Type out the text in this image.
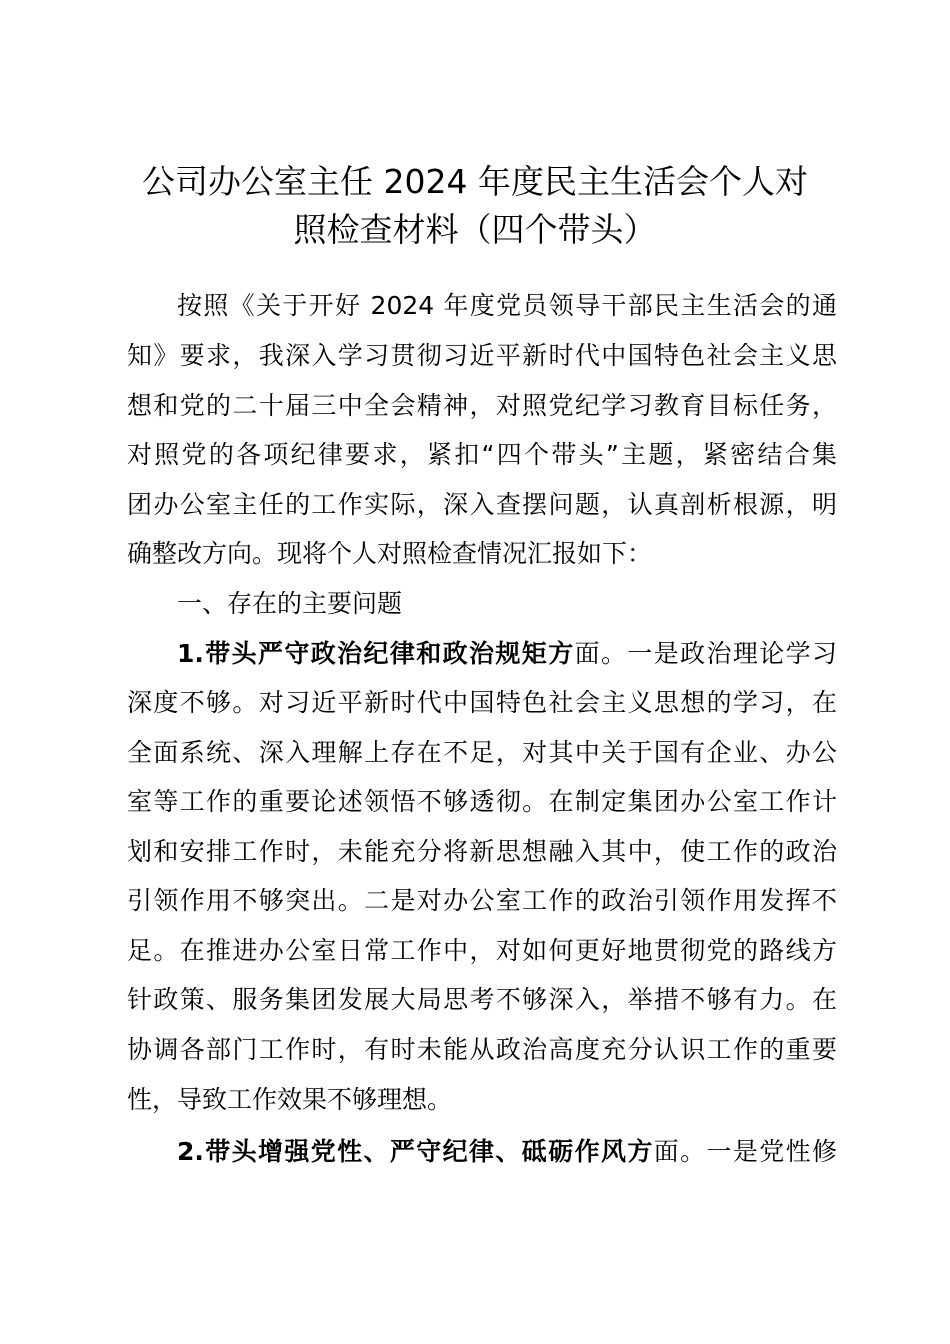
公司办公室主任 2024 年度民主生活会个人对
照检查材料（四个带头）

按照《关于开好 2024 年度党员领导干部民主生活会的通

知》要求，我深入学习贯彻习近平新时代中国特色社会主义思

想和党的二十届三中全会精神，对照党纪学习教育目标任务，

对照党的各项纪律要求，紧扣“四个带头”主题，紧密结合集

团办公室主任的工作实际，深入查摆问题，认真剖析根源，明

确整改方向。现将个人对照检查情况汇报如下：

一、存在的主要问题

1.带头严守政治纪律和政治规矩方面。一是政治理论学习

深度不够。对习近平新时代中国特色社会主义思想的学习，在

全面系统、深入理解上存在不足，对其中关于国有企业、办公

室等工作的重要论述领悟不够透彻。在制定集团办公室工作计

划和安排工作时，未能充分将新思想融入其中，使工作的政治

引领作用不够突出。二是对办公室工作的政治引领作用发挥不

足。在推进办公室日常工作中，对如何更好地贯彻党的路线方

针政策、服务集团发展大局思考不够深入，举措不够有力。在

协调各部门工作时，有时未能从政治高度充分认识工作的重要

性，导致工作效果不够理想。

2.带头增强党性、严守纪律、砥砺作风方面。一是党性修
